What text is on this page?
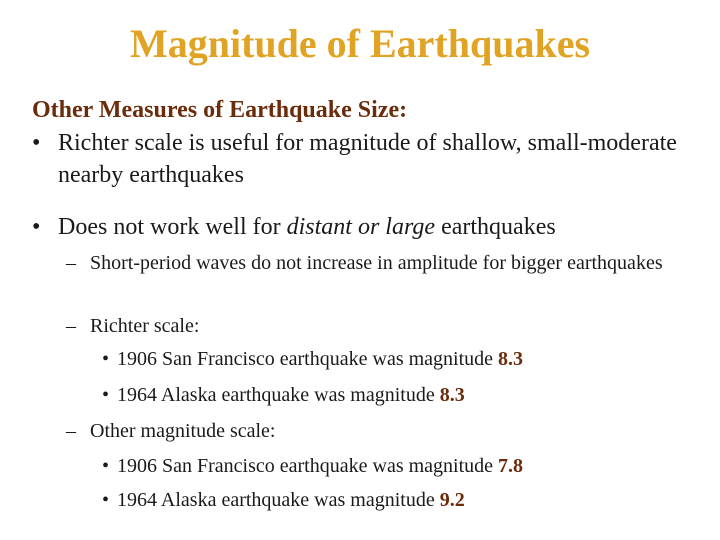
Magnitude of Earthquakes
Other Measures of Earthquake Size:
• Richter scale is useful for magnitude of shallow, small-moderate nearby earthquakes
• Does not work well for distant or large earthquakes
– Short-period waves do not increase in amplitude for bigger earthquakes
– Richter scale:
• 1906 San Francisco earthquake was magnitude 8.3
• 1964 Alaska earthquake was magnitude 8.3
– Other magnitude scale:
• 1906 San Francisco earthquake was magnitude 7.8
• 1964 Alaska earthquake was magnitude 9.2
